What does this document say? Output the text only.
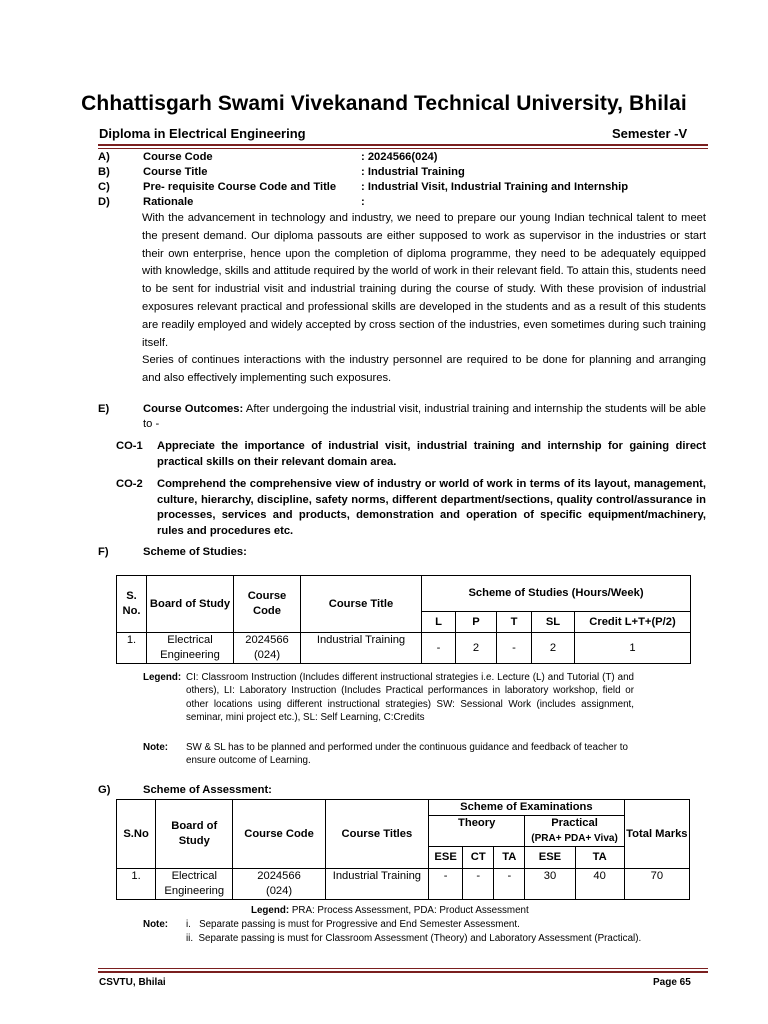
Chhattisgarh Swami Vivekanand Technical University, Bhilai
Diploma in Electrical Engineering	Semester -V
A)	Course Code	: 2024566(024)
B)	Course Title	: Industrial Training
C)	Pre- requisite Course Code and Title : Industrial Visit, Industrial Training and Internship
D)	Rationale	:

With the advancement in technology and industry, we need to prepare our young Indian technical talent to meet the present demand. Our diploma passouts are either supposed to work as supervisor in the industries or start their own enterprise, hence upon the completion of diploma programme, they need to be adequately equipped with knowledge, skills and attitude required by the world of work in their relevant field. To attain this, students need to be sent for industrial visit and industrial training during the course of study. With these provision of industrial exposures relevant practical and professional skills are developed in the students and as a result of this students are readily employed and widely accepted by cross section of the industries, even sometimes during such training itself.

Series of continues interactions with the industry personnel are required to be done for planning and arranging and also effectively implementing such exposures.

E)	Course Outcomes: After undergoing the industrial visit, industrial training and internship the students will be able to -
CO-1 Appreciate the importance of industrial visit, industrial training and internship for gaining direct practical skills on their relevant domain area.
CO-2 Comprehend the comprehensive view of industry or world of work in terms of its layout, management, culture, hierarchy, discipline, safety norms, different department/sections, quality control/assurance in processes, services and products, demonstration and operation of specific equipment/machinery, rules and procedures etc.
F)	Scheme of Studies:
S. No.	Board of Study	Course Code	Course Title	Scheme of Studies (Hours/Week)				
				L	P	T	SL	Credit L+T+(P/2)
1.	Electrical Engineering	2024566 (024)	Industrial Training	-	2	-	2	1
Legend: CI: Classroom Instruction (Includes different instructional strategies i.e. Lecture (L) and Tutorial (T) and others), LI: Laboratory Instruction (Includes Practical performances in laboratory workshop, field or other locations using different instructional strategies) SW: Sessional Work (includes assignment, seminar, mini project etc.), SL: Self Learning, C:Credits
Note: SW & SL has to be planned and performed under the continuous guidance and feedback of teacher to ensure outcome of Learning.
G)	Scheme of Assessment:
S.No	Board of Study	Course Code	Course Titles	Scheme of Examinations					Total Marks
				Theory			Practical
(PRA+ PDA+ Viva)		

				ESE	CT	TA	ESE	TA	
1.	Electrical Engineering	2024566 (024)	Industrial Training	-	-	-	30	40	70
Legend: PRA: Process Assessment, PDA: Product Assessment
Note: i.   Separate passing is must for Progressive and End Semester Assessment.
ii.  Separate passing is must for Classroom Assessment (Theory) and Laboratory Assessment (Practical).
CSVTU, Bhilai	Page 65
